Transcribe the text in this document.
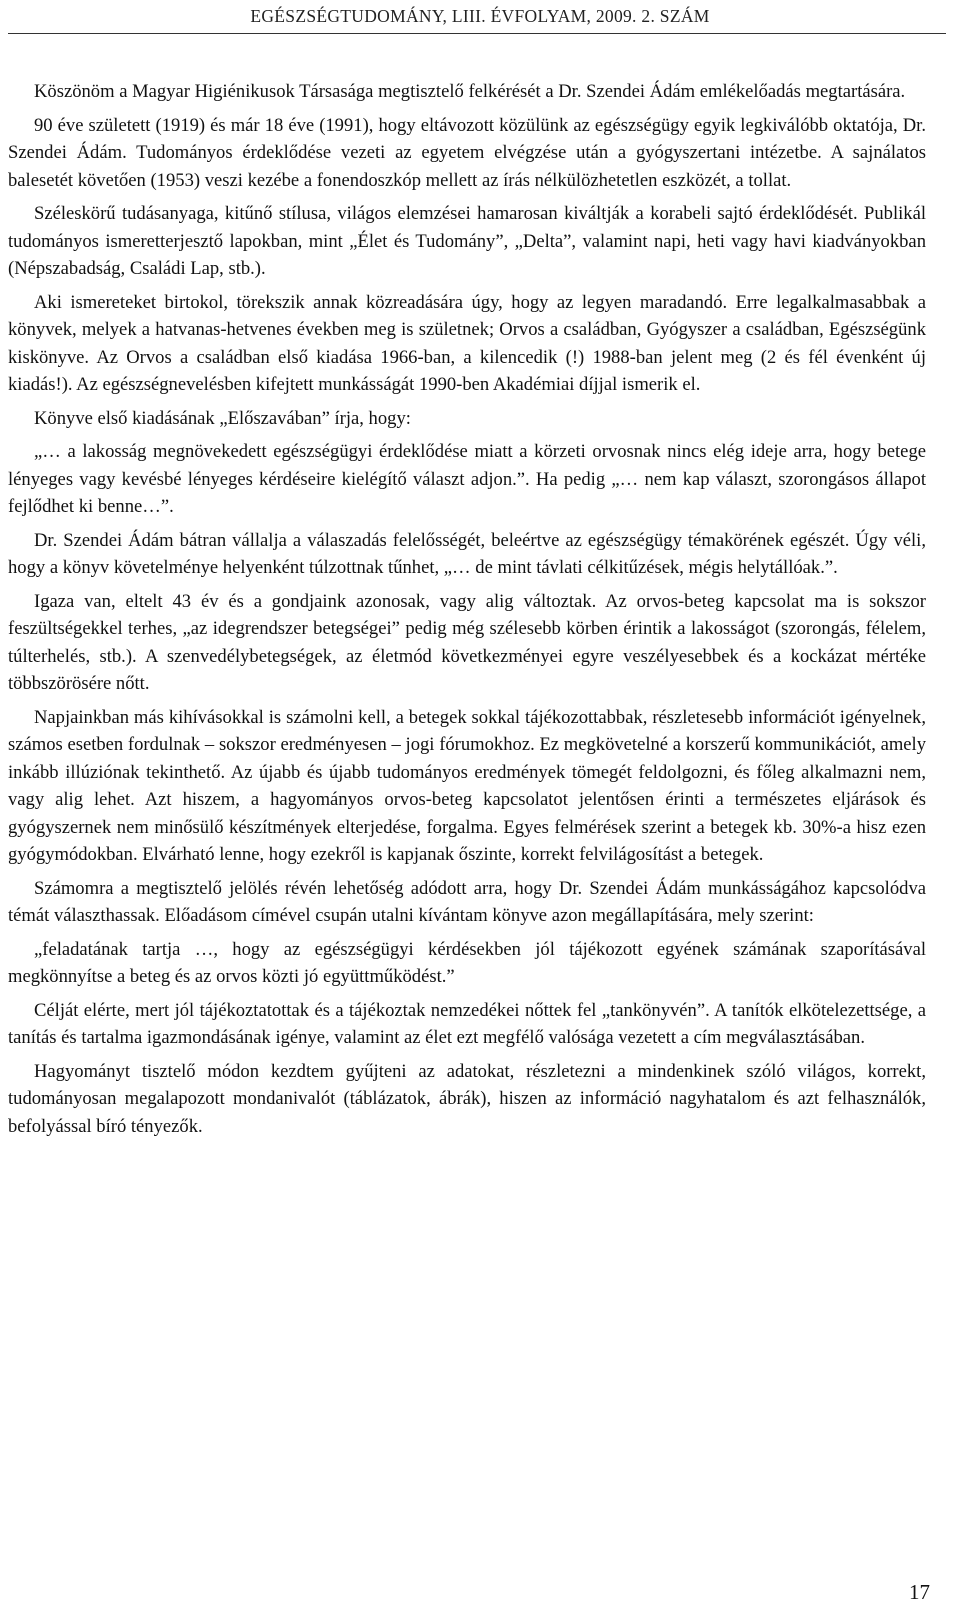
EGÉSZSÉGTUDOMÁNY, LIII. ÉVFOLYAM, 2009. 2. SZÁM

Köszönöm a Magyar Higiénikusok Társasága megtisztelő felkérését a Dr. Szendei Ádám emlékelőadás megtartására.

90 éve született (1919) és már 18 éve (1991), hogy eltávozott közülünk az egészségügy egyik legkiválóbb oktatója, Dr. Szendei Ádám. Tudományos érdeklődése vezeti az egyetem elvégzése után a gyógyszertani intézetbe. A sajnálatos balesetét követően (1953) veszi kezébe a fonendoszkóp mellett az írás nélkülözhetetlen eszközét, a tollat.

Széleskörű tudásanyaga, kitűnő stílusa, világos elemzései hamarosan kiváltják a korabeli sajtó érdeklődését. Publikál tudományos ismeretterjesztő lapokban, mint „Élet és Tudomány”, „Delta”, valamint napi, heti vagy havi kiadványokban (Népszabadság, Családi Lap, stb.).

Aki ismereteket birtokol, törekszik annak közreadására úgy, hogy az legyen maradandó. Erre legalkalmasabbak a könyvek, melyek a hatvanas-hetvenes években meg is születnek; Orvos a családban, Gyógyszer a családban, Egészségünk kiskönyve. Az Orvos a családban első kiadása 1966-ban, a kilencedik (!) 1988-ban jelent meg (2 és fél évenként új kiadás!). Az egészségnevelésben kifejtett munkásságát 1990-ben Akadémiai díjjal ismerik el.

Könyve első kiadásának „Előszavában” írja, hogy:

„… a lakosság megnövekedett egészségügyi érdeklődése miatt a körzeti orvosnak nincs elég ideje arra, hogy betege lényeges vagy kevésbé lényeges kérdéseire kielégítő választ adjon.”. Ha pedig „… nem kap választ, szorongásos állapot fejlődhet ki benne…”.

Dr. Szendei Ádám bátran vállalja a válaszadás felelősségét, beleértve az egészségügy témakörének egészét. Úgy véli, hogy a könyv követelménye helyenként túlzottnak tűnhet, „… de mint távlati célkitűzések, mégis helytállóak.”.

Igaza van, eltelt 43 év és a gondjaink azonosak, vagy alig változtak. Az orvos-beteg kapcsolat ma is sokszor feszültségekkel terhes, „az idegrendszer betegségei” pedig még szélesebb körben érintik a lakosságot (szorongás, félelem, túlterhelés, stb.). A szenvedélybetegségek, az életmód következményei egyre veszélyesebbek és a kockázat mértéke többszörösére nőtt.

Napjainkban más kihívásokkal is számolni kell, a betegek sokkal tájékozottabbak, részletesebb információt igényelnek, számos esetben fordulnak – sokszor eredményesen – jogi fórumokhoz. Ez megkövetelné a korszerű kommunikációt, amely inkább illúziónak tekinthető. Az újabb és újabb tudományos eredmények tömegét feldolgozni, és főleg alkalmazni nem, vagy alig lehet. Azt hiszem, a hagyományos orvos-beteg kapcsolatot jelentősen érinti a természetes eljárások és gyógyszernek nem minősülő készítmények elterjedése, forgalma. Egyes felmérések szerint a betegek kb. 30%-a hisz ezen gyógymódokban. Elvárható lenne, hogy ezekről is kapjanak őszinte, korrekt felvilágosítást a betegek.

Számomra a megtisztelő jelölés révén lehetőség adódott arra, hogy Dr. Szendei Ádám munkásságához kapcsolódva témát választhassak. Előadásom címével csupán utalni kívántam könyve azon megállapítására, mely szerint:

„feladatának tartja …, hogy az egészségügyi kérdésekben jól tájékozott egyének számának szaporításával megkönnyítse a beteg és az orvos közti jó együttműködést.”

Célját elérte, mert jól tájékoztatottak és a tájékoztak nemzedékei nőttek fel „tankönyvén”. A tanítók elkötelezettsége, a tanítás és tartalma igazmondásának igénye, valamint az élet ezt megfélő valósága vezetett a cím megválasztásában.

Hagyományt tisztelő módon kezdtem gyűjteni az adatokat, részletezni a mindenkinek szóló világos, korrekt, tudományosan megalapozott mondanivalót (táblázatok, ábrák), hiszen az információ nagyhatalom és azt felhasználók, befolyással bíró tényezők.

17
